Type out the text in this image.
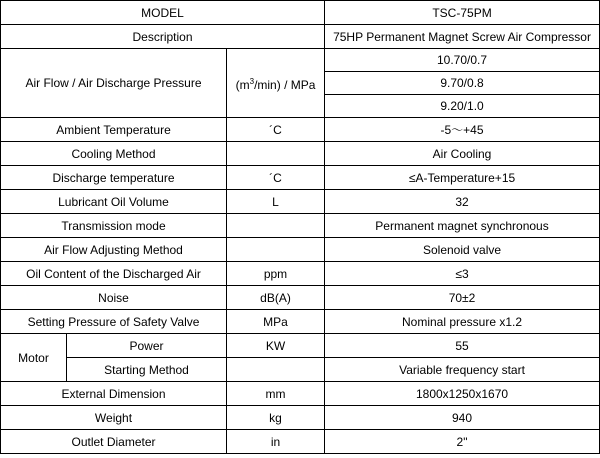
MODEL			TSC-75PM
Description			75HP Permanent Magnet Screw Air Compressor
Air Flow / Air Discharge Pressure		$(m^3/\min)$ / MPa	10.70/0.7
			9.70/0.8
			9.20/1.0
Ambient Temperature		´C	-5～+45
Cooling Method			Air Cooling
Discharge temperature		´C	≤A-Temperature+15
Lubricant Oil Volume		L	32
Transmission mode			Permanent magnet synchronous
Air Flow Adjusting Method			Solenoid valve
Oil Content of the Discharged Air		ppm	≤3
Noise		dB(A)	70±2
Setting Pressure of Safety Valve		MPa	Nominal pressure x1.2
Motor	Power	KW	55
	Starting Method		Variable frequency start
External Dimension		mm	1800x1250x1670
Weight		kg	940
Outlet Diameter		in	2"
